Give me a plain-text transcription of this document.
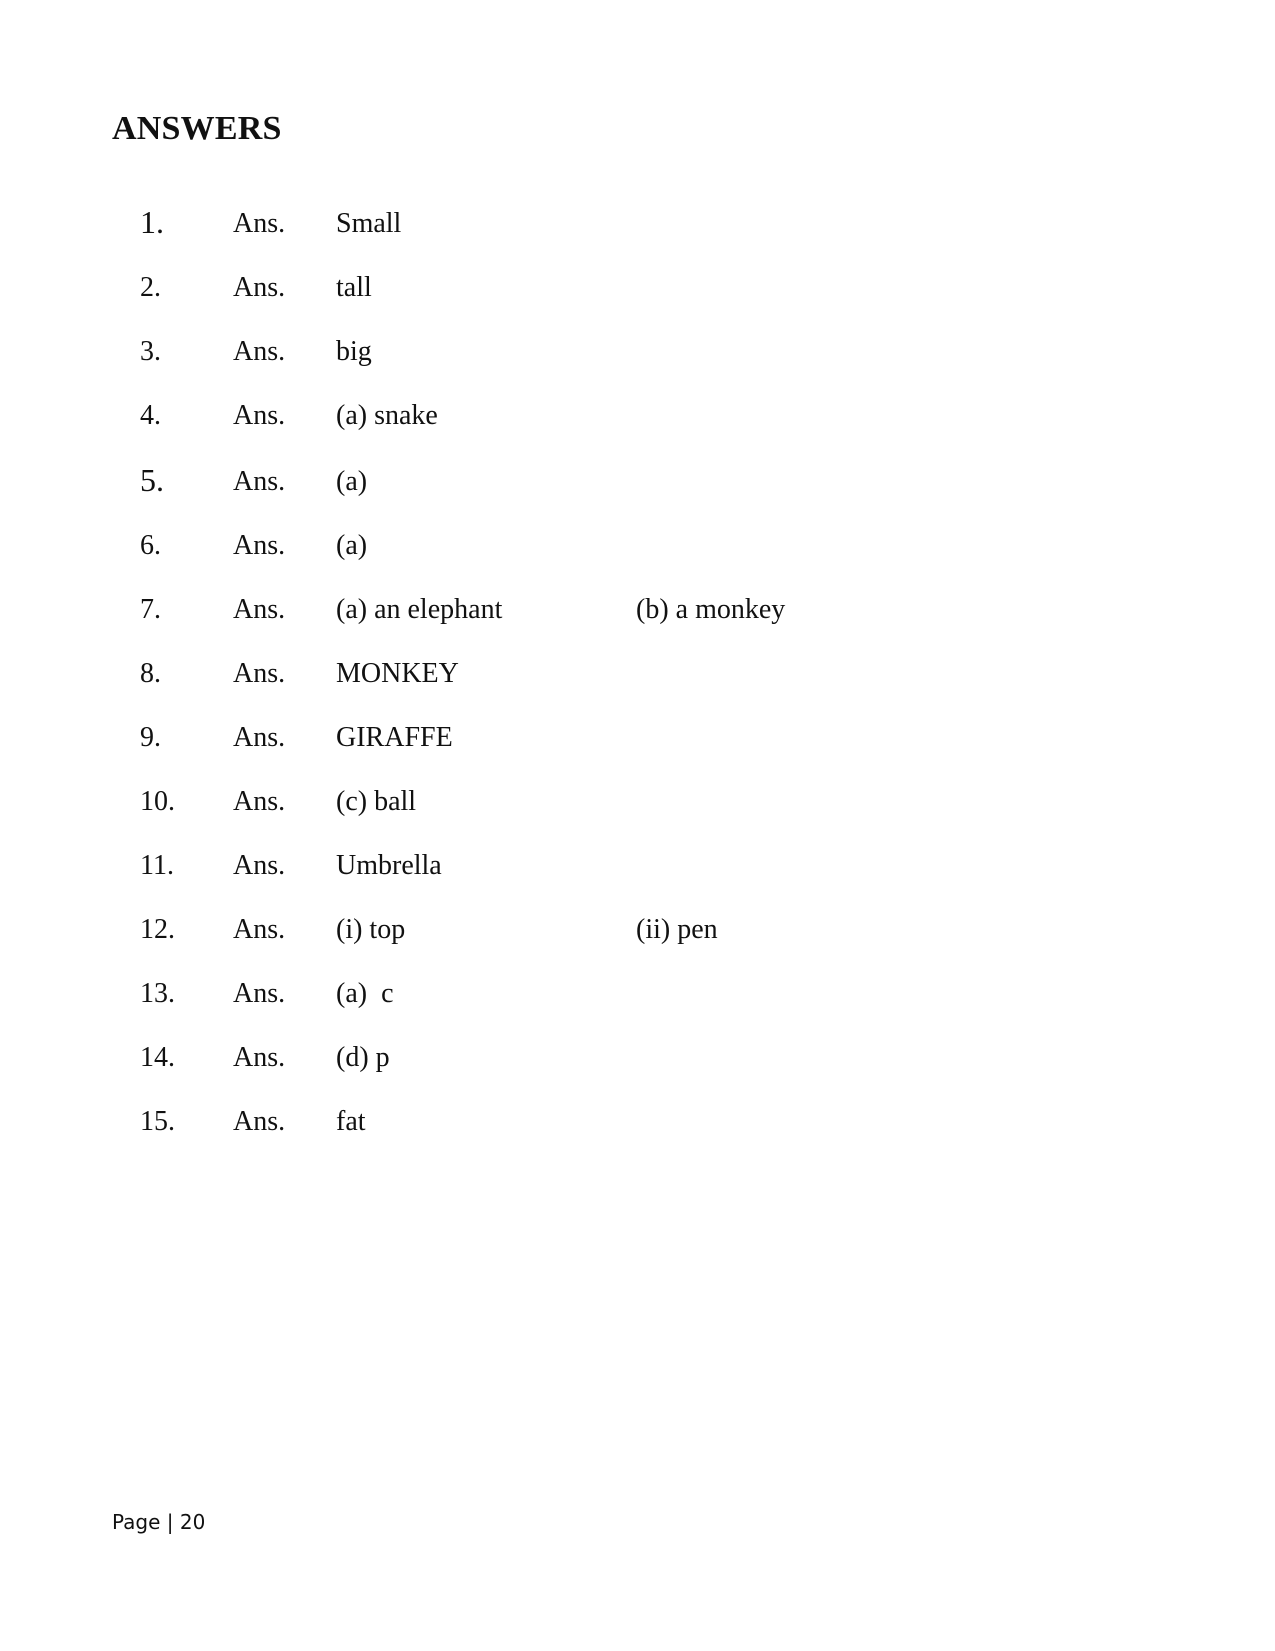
ANSWERS
1. Ans. Small
2.	Ans. tall
3.	Ans. big
4.	Ans. (a) snake
5. Ans. (a)
6.	Ans. (a)
7.	Ans. (a) an elephant	(b) a monkey
8.	Ans. MONKEY
9.	Ans. GIRAFFE
10. Ans. (c) ball
11. Ans. Umbrella
12. Ans. (i) top	(ii) pen
13. Ans. (a)  c
14. Ans. (d) p
15. Ans. fat
Page | 20
